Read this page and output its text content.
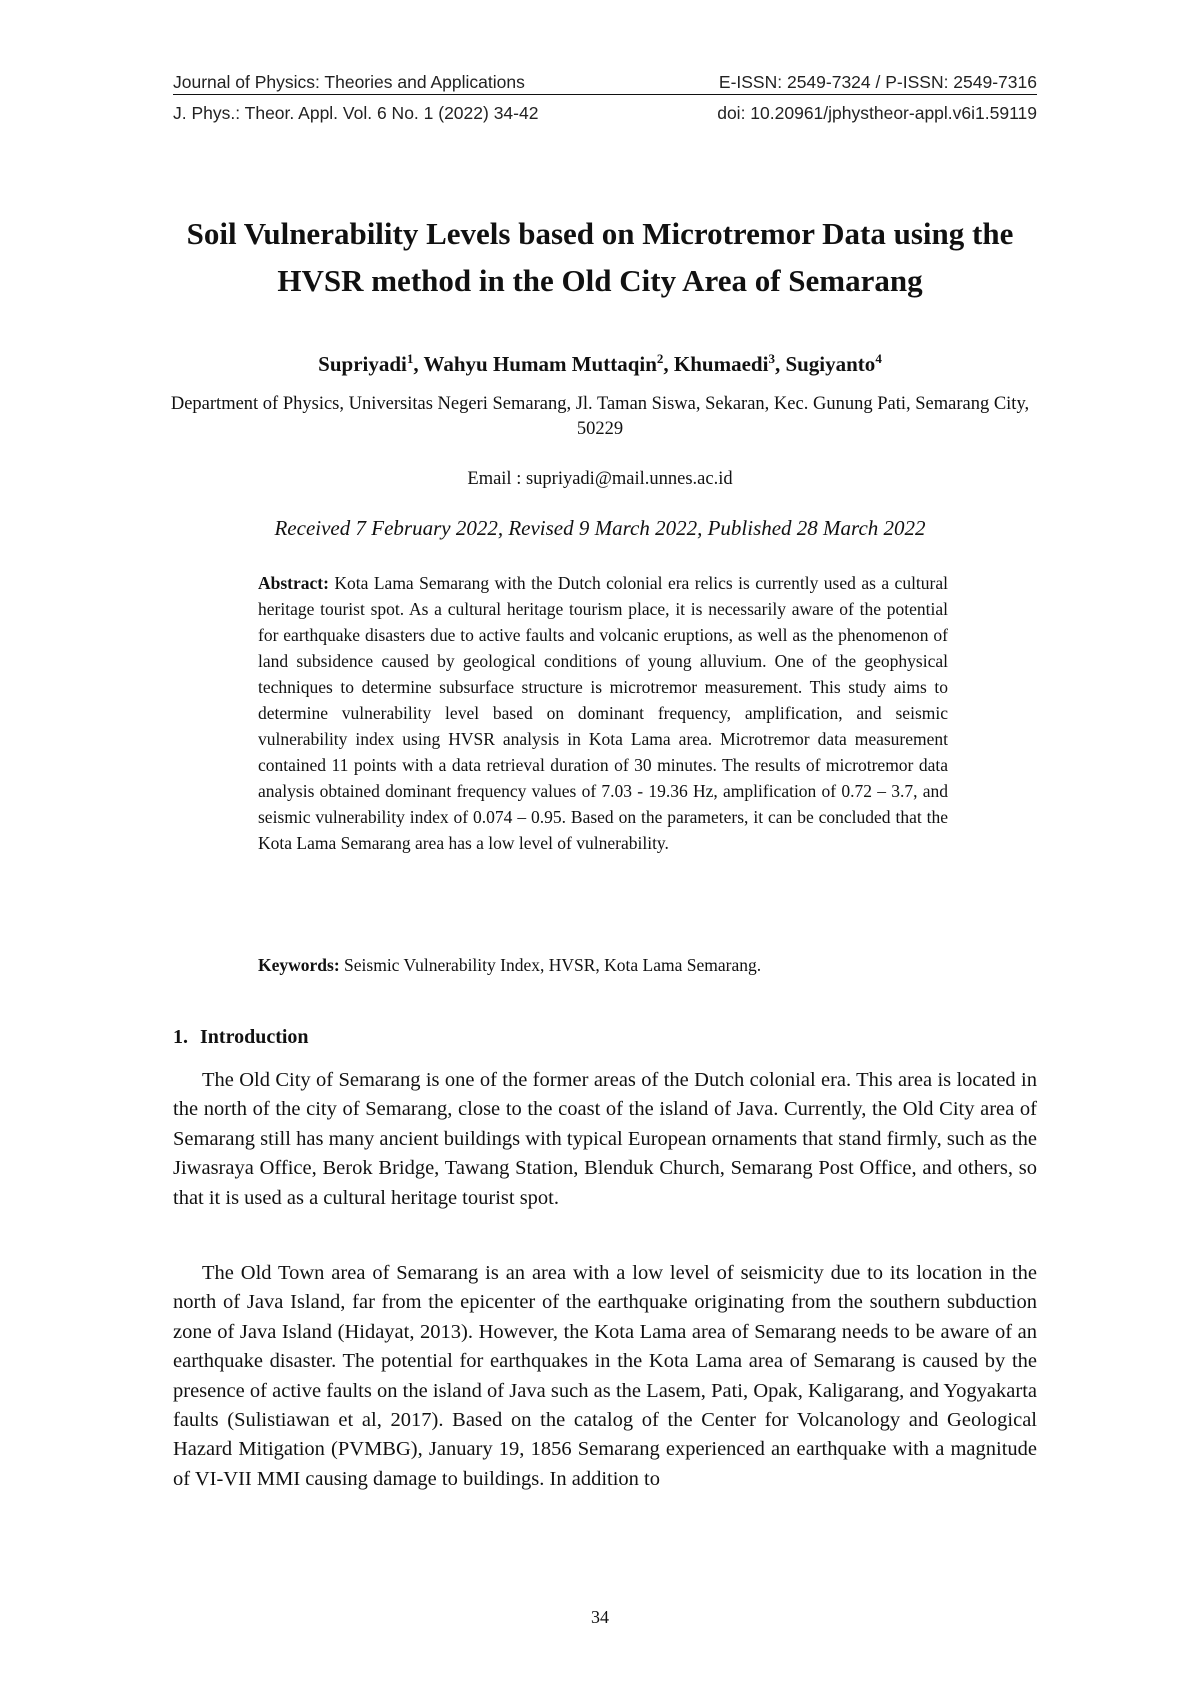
Journal of Physics: Theories and Applications	E-ISSN: 2549-7324 / P-ISSN: 2549-7316
J. Phys.: Theor. Appl. Vol. 6 No. 1 (2022) 34-42	doi: 10.20961/jphystheor-appl.v6i1.59119
Soil Vulnerability Levels based on Microtremor Data using the HVSR method in the Old City Area of Semarang
Supriyadi$^1$, Wahyu Humam Muttaqin$^2$, Khumaedi$^3$, Sugiyanto$^4$
Department of Physics, Universitas Negeri Semarang, Jl. Taman Siswa, Sekaran, Kec. Gunung Pati, Semarang City, 50229
Email : supriyadi@mail.unnes.ac.id
Received 7 February 2022, Revised 9 March 2022, Published 28 March 2022

Abstract: Kota Lama Semarang with the Dutch colonial era relics is currently used as a cultural heritage tourist spot. As a cultural heritage tourism place, it is necessarily aware of the potential for earthquake disasters due to active faults and volcanic eruptions, as well as the phenomenon of land subsidence caused by geological conditions of young alluvium. One of the geophysical techniques to determine subsurface structure is microtremor measurement. This study aims to determine vulnerability level based on dominant frequency, amplification, and seismic vulnerability index using HVSR analysis in Kota Lama area. Microtremor data measurement contained 11 points with a data retrieval duration of 30 minutes. The results of microtremor data analysis obtained dominant frequency values of 7.03 - 19.36 Hz, amplification of 0.72 – 3.7, and seismic vulnerability index of 0.074 – 0.95. Based on the parameters, it can be concluded that the Kota Lama Semarang area has a low level of vulnerability.

Keywords: Seismic Vulnerability Index, HVSR, Kota Lama Semarang.
1. Introduction

The Old City of Semarang is one of the former areas of the Dutch colonial era. This area is located in the north of the city of Semarang, close to the coast of the island of Java. Currently, the Old City area of Semarang still has many ancient buildings with typical European ornaments that stand firmly, such as the Jiwasraya Office, Berok Bridge, Tawang Station, Blenduk Church, Semarang Post Office, and others, so that it is used as a cultural heritage tourist spot.

The Old Town area of Semarang is an area with a low level of seismicity due to its location in the north of Java Island, far from the epicenter of the earthquake originating from the southern subduction zone of Java Island (Hidayat, 2013). However, the Kota Lama area of Semarang needs to be aware of an earthquake disaster. The potential for earthquakes in the Kota Lama area of Semarang is caused by the presence of active faults on the island of Java such as the Lasem, Pati, Opak, Kaligarang, and Yogyakarta faults (Sulistiawan et al, 2017). Based on the catalog of the Center for Volcanology and Geological Hazard Mitigation (PVMBG), January 19, 1856 Semarang experienced an earthquake with a magnitude of VI-VII MMI causing damage to buildings. In addition to

34
